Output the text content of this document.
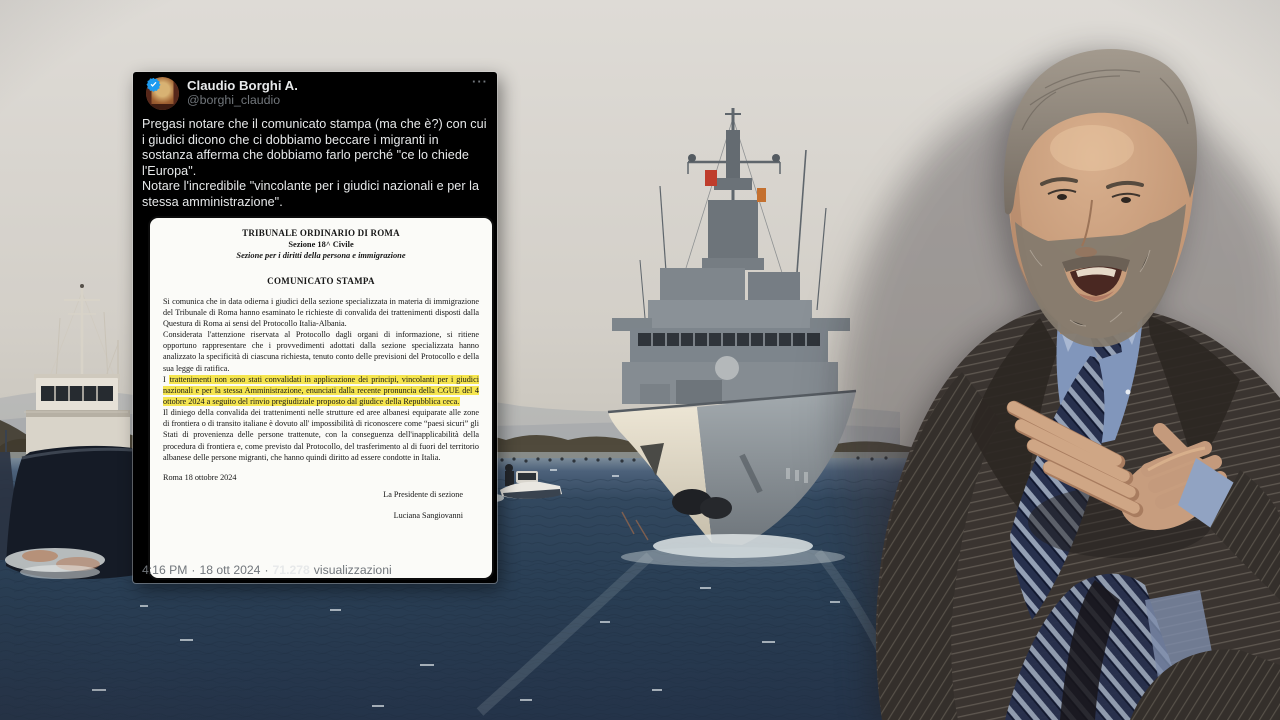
Claudio Borghi A.
@borghi_claudio
···

Pregasi notare che il comunicato stampa (ma che è?) con cui i giudici dicono che ci dobbiamo beccare i migranti in sostanza afferma che dobbiamo farlo perché "ce lo chiede l'Europa".

Notare l'incredibile "vincolante per i giudici nazionali e per la stessa amministrazione".

TRIBUNALE ORDINARIO DI ROMA
Sezione 18^ Civile
Sezione per i diritti della persona e immigrazione
COMUNICATO STAMPA

Si comunica che in data odierna i giudici della sezione specializzata in materia di immigrazione del Tribunale di Roma hanno esaminato le richieste di convalida dei trattenimenti disposti dalla Questura di Roma ai sensi del Protocollo Italia-Albania.

Considerata l'attenzione riservata al Protocollo dagli organi di informazione, si ritiene opportuno rappresentare che i provvedimenti adottati dalla sezione specializzata hanno analizzato la specificità di ciascuna richiesta, tenuto conto delle previsioni del Protocollo e della sua legge di ratifica.

I trattenimenti non sono stati convalidati in applicazione dei principi, vincolanti per i giudici nazionali e per la stessa Amministrazione, enunciati dalla recente pronuncia della CGUE del 4 ottobre 2024 a seguito del rinvio pregiudiziale proposto dal giudice della Repubblica ceca.

Il diniego della convalida dei trattenimenti nelle strutture ed aree albanesi equiparate alle zone di frontiera o di transito italiane è dovuto all' impossibilità di riconoscere come “paesi sicuri” gli Stati di provenienza delle persone trattenute, con la conseguenza dell'inapplicabilità della procedura di frontiera e, come previsto dal Protocollo, del trasferimento al di fuori del territorio albanese delle persone migranti, che hanno quindi diritto ad essere condotte in Italia.

Roma 18 ottobre 2024
La Presidente di sezione
Luciana Sangiovanni
4:16 PM · 18 ott 2024 · 71.278 visualizzazioni
